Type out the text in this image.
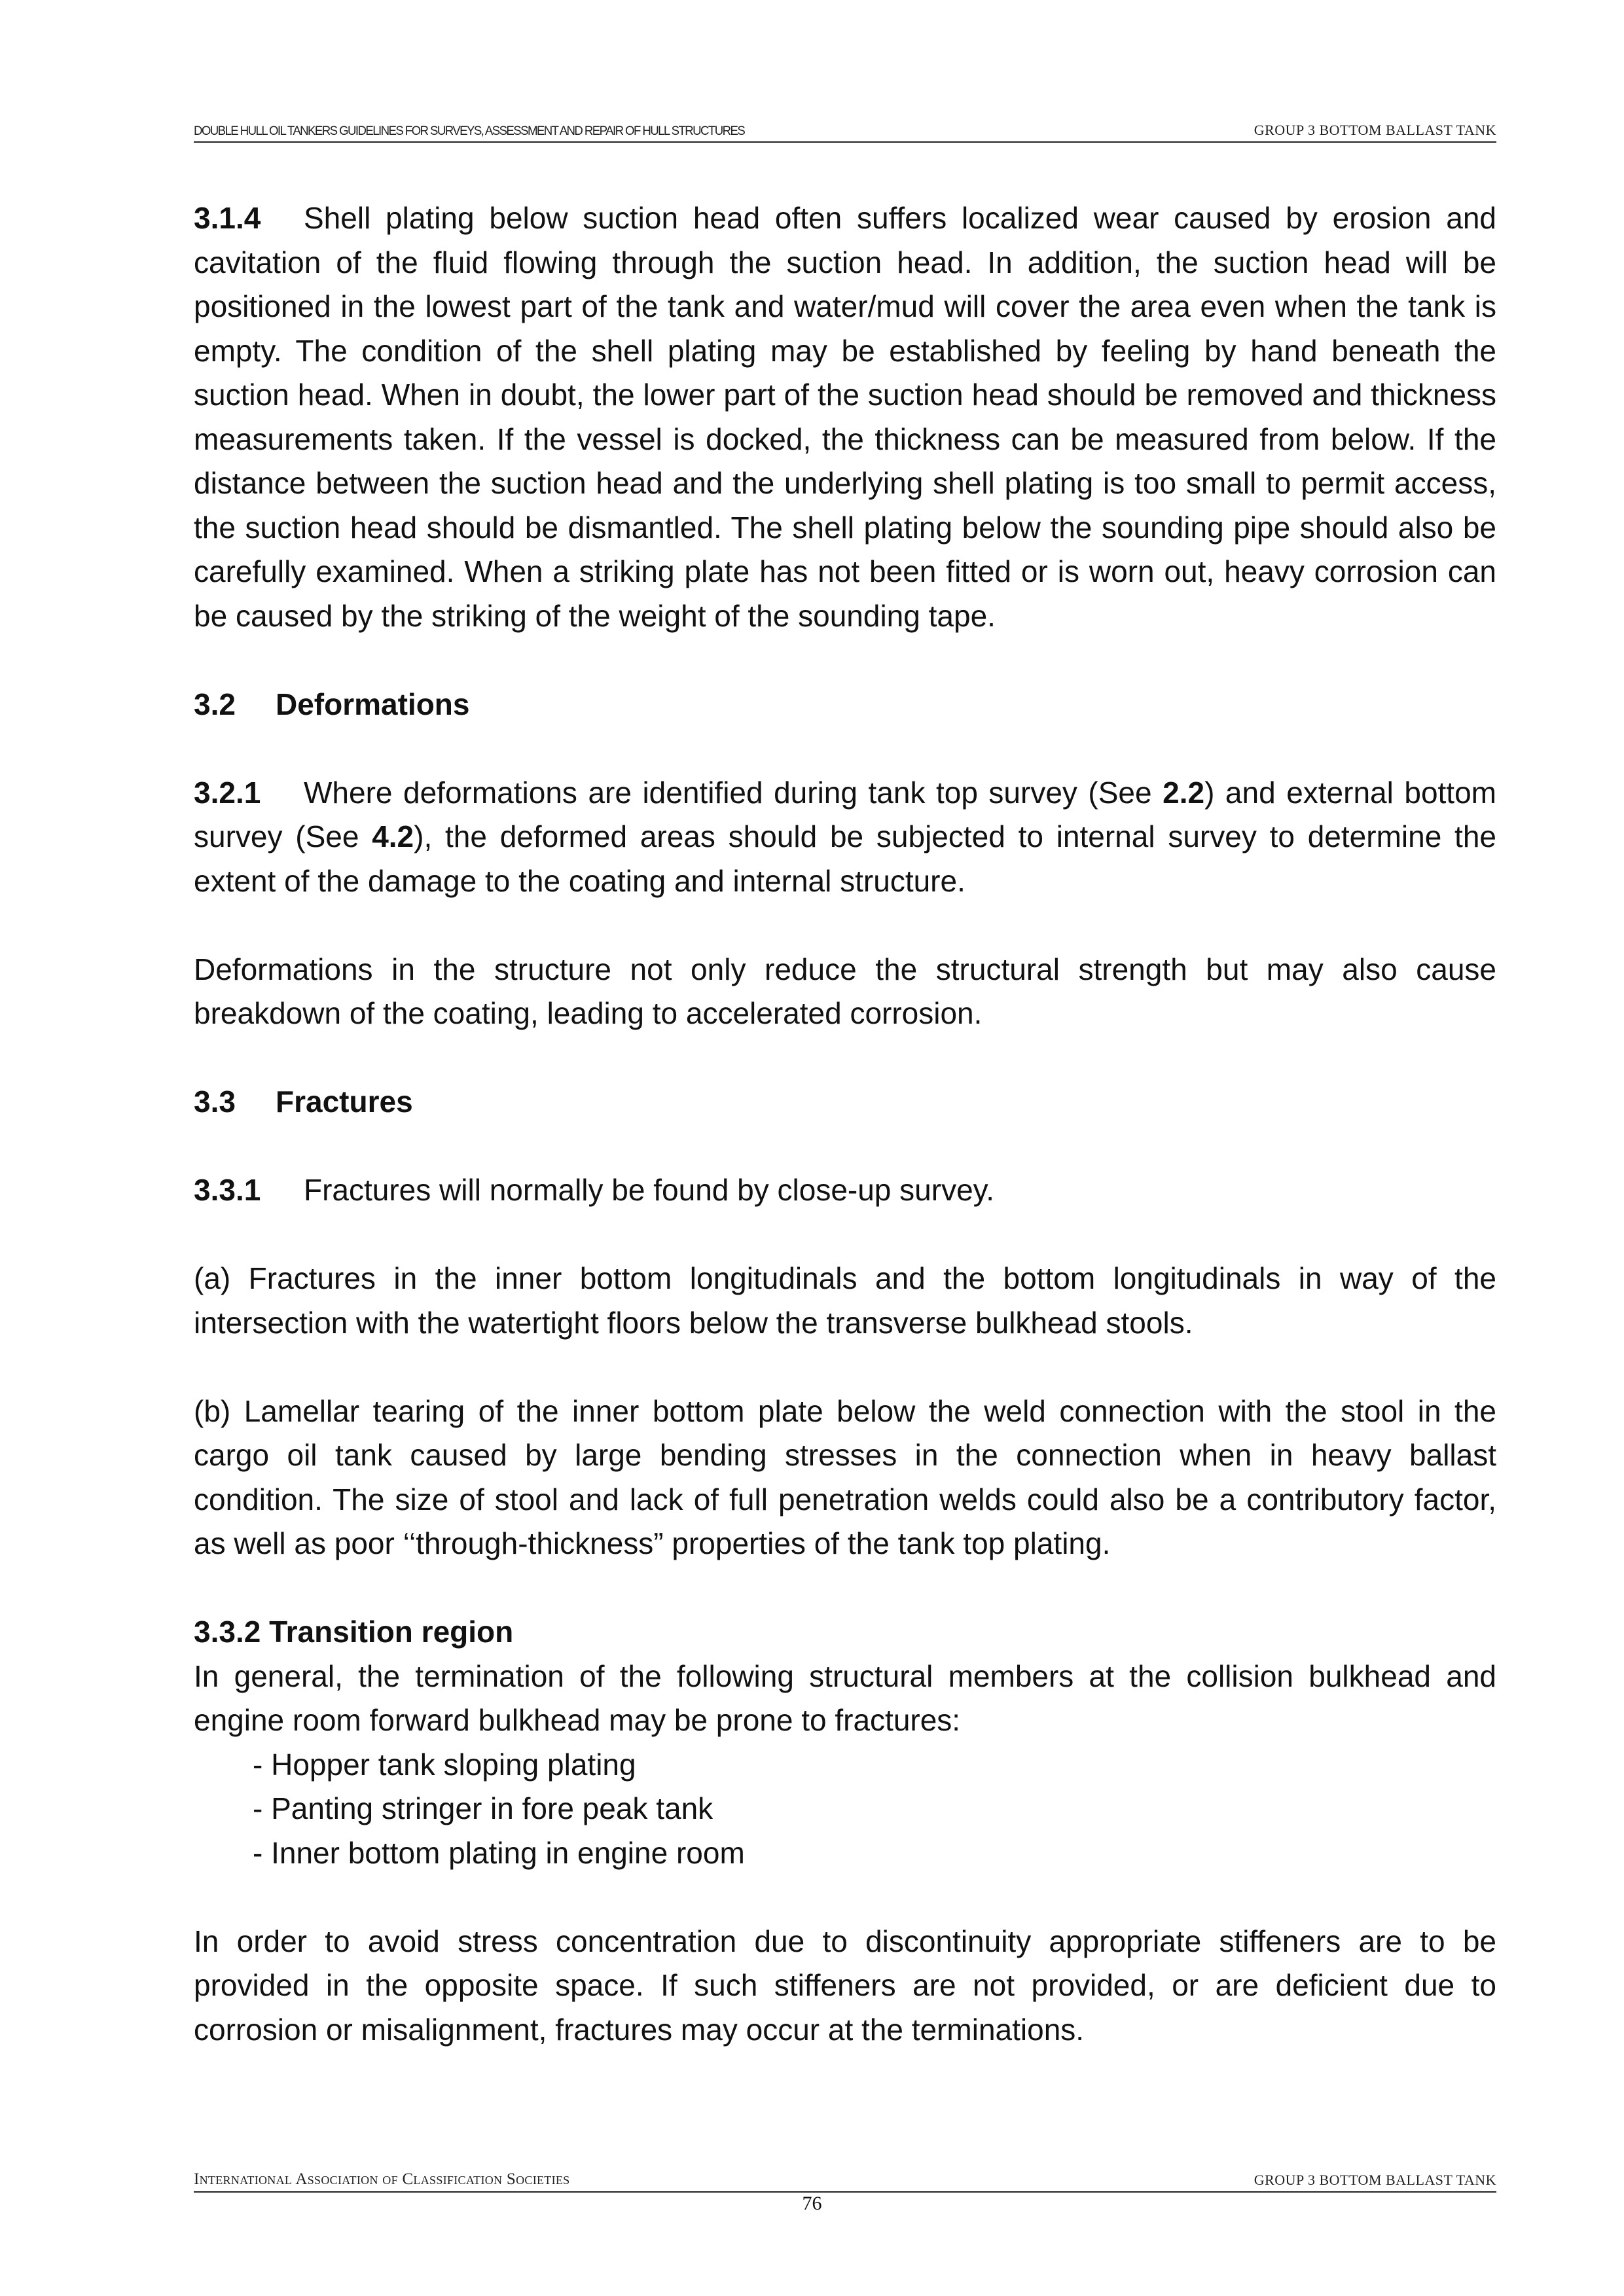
DOUBLE HULL OIL TANKERS GUIDELINES FOR SURVEYS, ASSESSMENT AND REPAIR OF HULL STRUCTURES	GROUP 3 BOTTOM BALLAST TANK

3.1.4 Shell plating below suction head often suffers localized wear caused by erosion and cavitation of the fluid flowing through the suction head. In addition, the suction head will be positioned in the lowest part of the tank and water/mud will cover the area even when the tank is empty. The condition of the shell plating may be established by feeling by hand beneath the suction head. When in doubt, the lower part of the suction head should be removed and thickness measurements taken. If the vessel is docked, the thickness can be measured from below. If the distance between the suction head and the underlying shell plating is too small to permit access, the suction head should be dismantled. The shell plating below the sounding pipe should also be carefully examined. When a striking plate has not been fitted or is worn out, heavy corrosion can be caused by the striking of the weight of the sounding tape.

3.2 Deformations

3.2.1 Where deformations are identified during tank top survey (See 2.2) and external bottom survey (See 4.2), the deformed areas should be subjected to internal survey to determine the extent of the damage to the coating and internal structure.

Deformations in the structure not only reduce the structural strength but may also cause breakdown of the coating, leading to accelerated corrosion.

3.3 Fractures

3.3.1 Fractures will normally be found by close-up survey.

(a) Fractures in the inner bottom longitudinals and the bottom longitudinals in way of the intersection with the watertight floors below the transverse bulkhead stools.

(b) Lamellar tearing of the inner bottom plate below the weld connection with the stool in the cargo oil tank caused by large bending stresses in the connection when in heavy ballast condition. The size of stool and lack of full penetration welds could also be a contributory factor, as well as poor ‘‘through-thickness” properties of the tank top plating.

3.3.2 Transition region

In general, the termination of the following structural members at the collision bulkhead and engine room forward bulkhead may be prone to fractures:

- Hopper tank sloping plating

- Panting stringer in fore peak tank

- Inner bottom plating in engine room

In order to avoid stress concentration due to discontinuity appropriate stiffeners are to be provided in the opposite space. If such stiffeners are not provided, or are deficient due to corrosion or misalignment, fractures may occur at the terminations.

International Association of Classification Societies	GROUP 3 BOTTOM BALLAST TANK
76
